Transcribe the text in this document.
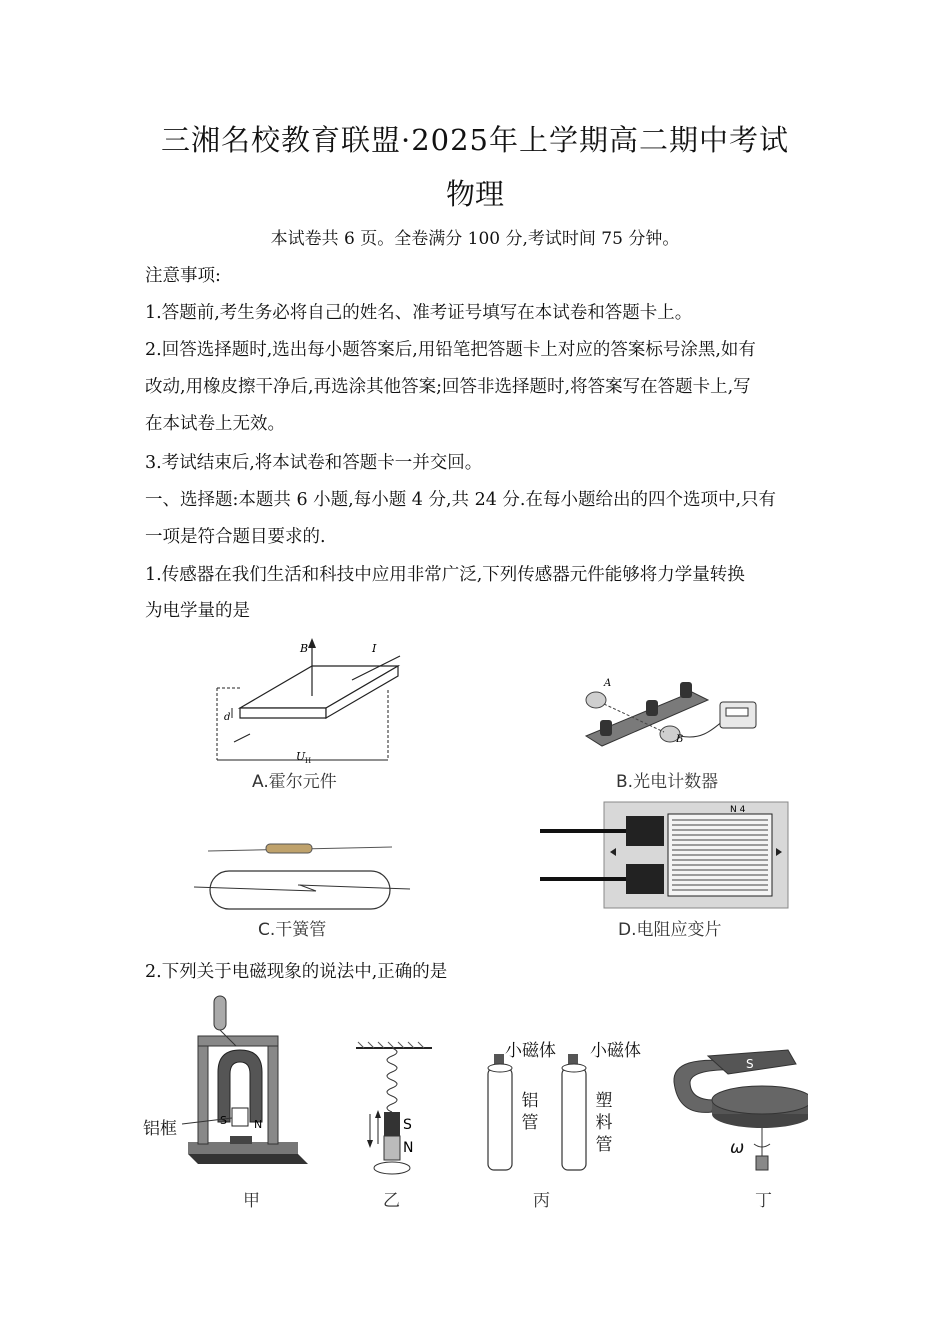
三湘名校教育联盟·2025年上学期高二期中考试
物理
本试卷共 6 页。全卷满分 100 分,考试时间 75 分钟。
注意事项:
1.答题前,考生务必将自己的姓名、准考证号填写在本试卷和答题卡上。
2.回答选择题时,选出每小题答案后,用铅笔把答题卡上对应的答案标号涂黑,如有
改动,用橡皮擦干净后,再选涂其他答案;回答非选择题时,将答案写在答题卡上,写
在本试卷上无效。
3.考试结束后,将本试卷和答题卡一并交回。
一、选择题:本题共 6 小题,每小题 4 分,共 24 分.在每小题给出的四个选项中,只有
一项是符合题目要求的.
1.传感器在我们生活和科技中应用非常广泛,下列传感器元件能够将力学量转换
为电学量的是
B	I
d
U H
A.霍尔元件
A
B
B.光电计数器
C.干簧管
N 4
D.电阻应变片
2.下列关于电磁现象的说法中,正确的是
S N
铝框
甲
S
N
乙
小磁体 小磁体
铝管
塑料管
丙
S
ω
丁
